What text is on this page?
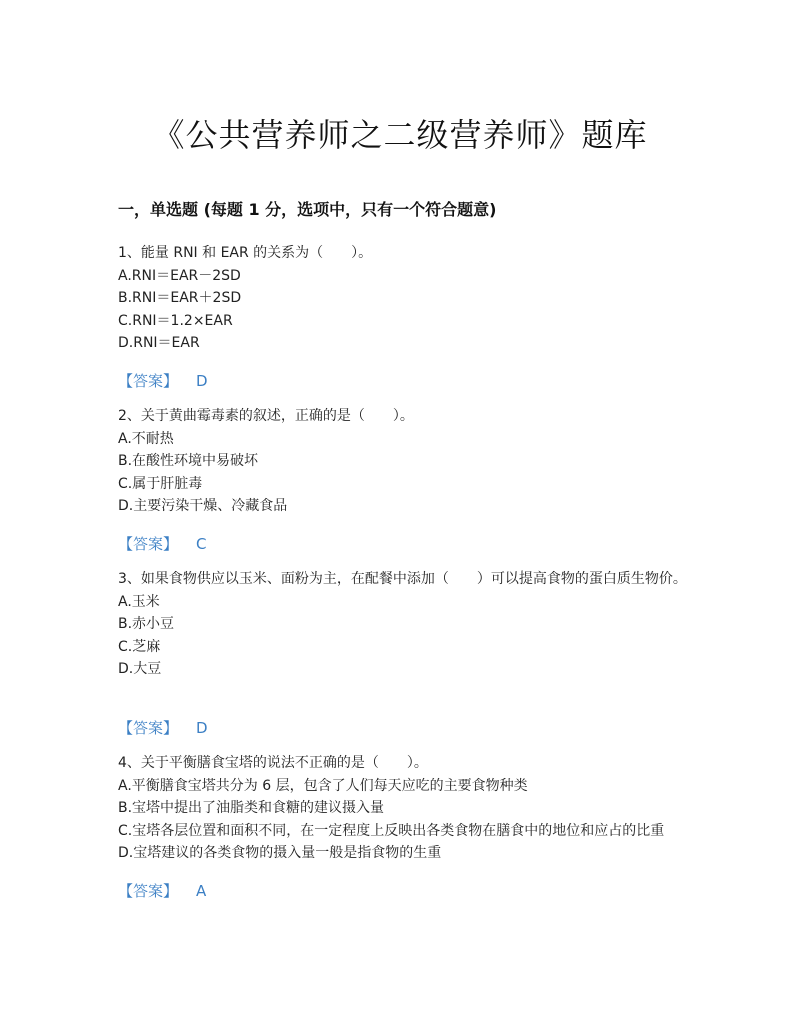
《公共营养师之二级营养师》题库
一，单选题 (每题 1 分，选项中，只有一个符合题意)

1、能量 RNI 和 EAR 的关系为（　　）。

A.RNI＝EAR－2SD

B.RNI＝EAR＋2SD

C.RNI＝1.2×EAR

D.RNI＝EAR

【答案】 D

2、关于黄曲霉毒素的叙述，正确的是（　　）。

A.不耐热

B.在酸性环境中易破坏

C.属于肝脏毒

D.主要污染干燥、冷藏食品

【答案】 C

3、如果食物供应以玉米、面粉为主，在配餐中添加（　　）可以提高食物的蛋白质生物价。

A.玉米

B.赤小豆

C.芝麻

D.大豆

【答案】 D

4、关于平衡膳食宝塔的说法不正确的是（　　）。

A.平衡膳食宝塔共分为 6 层，包含了人们每天应吃的主要食物种类

B.宝塔中提出了油脂类和食糖的建议摄入量

C.宝塔各层位置和面积不同，在一定程度上反映出各类食物在膳食中的地位和应占的比重

D.宝塔建议的各类食物的摄入量一般是指食物的生重

【答案】 A
